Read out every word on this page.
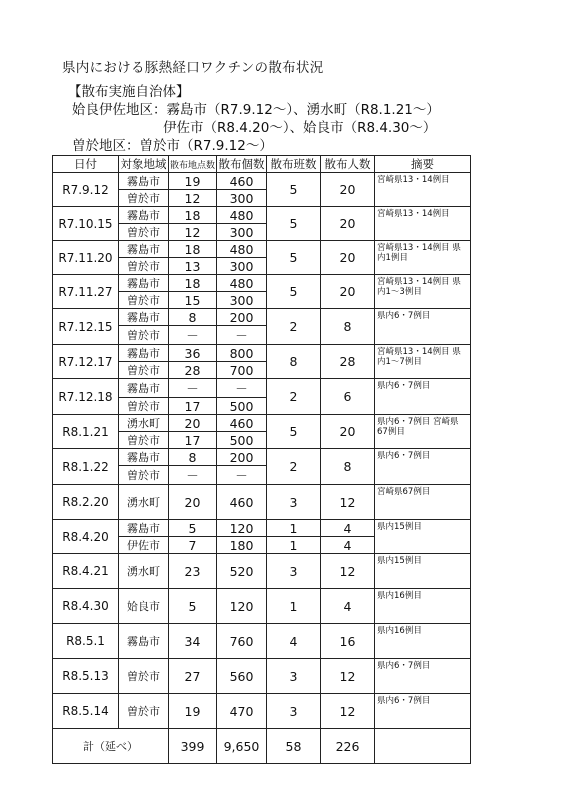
県内における豚熱経口ワクチンの散布状況
【散布実施自治体】
姶良伊佐地区：霧島市（R7.9.12～）、湧水町（R8.1.21～）
伊佐市（R8.4.20～）、姶良市（R8.4.30～）
曽於地区：曽於市（R7.9.12～）
日付	対象地域	散布地点数	散布個数	散布班数	散布人数	摘要
R7.9.12	霧島市	19	460	5	20	宮崎県13・14例目
	曽於市	12	300			
R7.10.15	霧島市	18	480	5	20	宮崎県13・14例目
	曽於市	12	300			
R7.11.20	霧島市	18	480	5	20	宮崎県13・14例目 県内1例目
	曽於市	13	300			
R7.11.27	霧島市	18	480	5	20	宮崎県13・14例目 県内1～3例目
	曽於市	15	300			
R7.12.15	霧島市	8	200	2	8	県内6・7例目
	曽於市	－	－			
R7.12.17	霧島市	36	800	8	28	宮崎県13・14例目 県内1～7例目
	曽於市	28	700			
R7.12.18	霧島市	－	－	2	6	県内6・7例目
	曽於市	17	500			
R8.1.21	湧水町	20	460	5	20	県内6・7例目 宮崎県67例目
	曽於市	17	500			
R8.1.22	霧島市	8	200	2	8	県内6・7例目
	曽於市	－	－			
R8.2.20	湧水町	20	460	3	12	宮崎県67例目
R8.4.20	霧島市	5	120	1	4	県内15例目
	伊佐市	7	180	1	4	
R8.4.21	湧水町	23	520	3	12	県内15例目
R8.4.30	姶良市	5	120	1	4	県内16例目
R8.5.1	霧島市	34	760	4	16	県内16例目
R8.5.13	曽於市	27	560	3	12	県内6・7例目
R8.5.14	曽於市	19	470	3	12	県内6・7例目
計（延べ）		399	9,650	58	226	
